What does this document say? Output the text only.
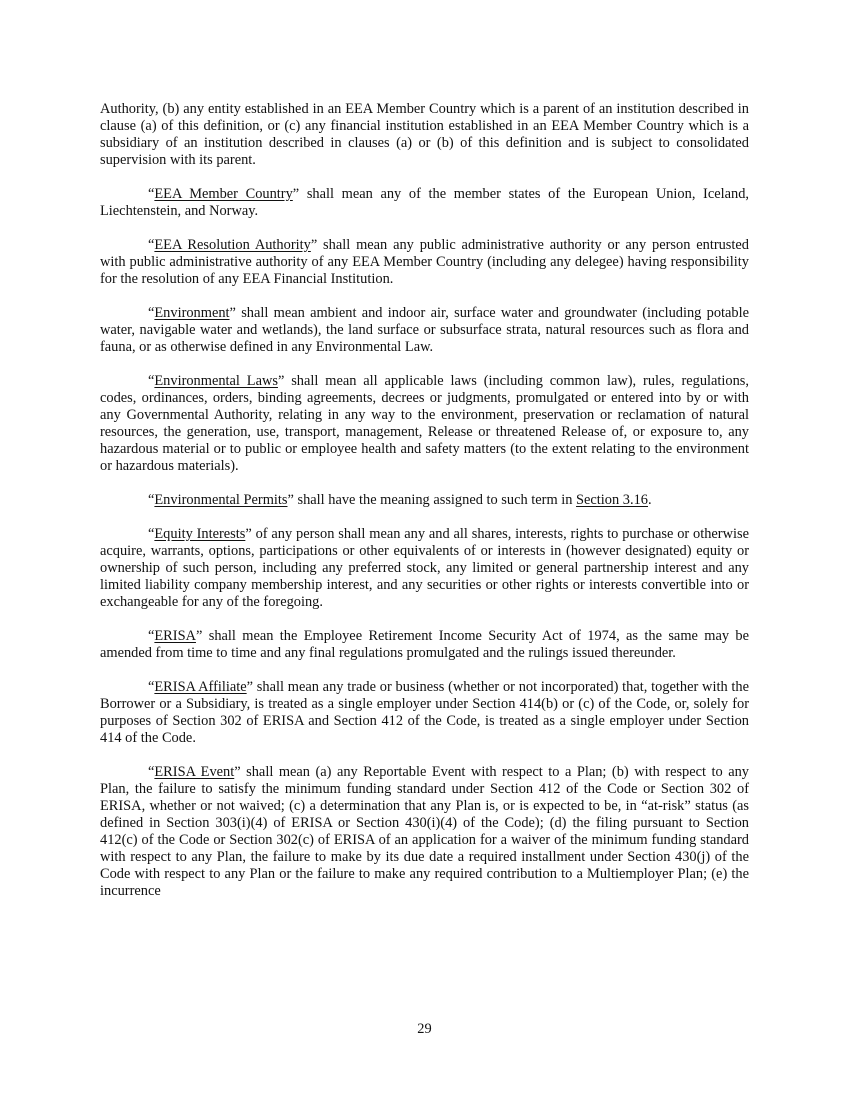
Authority, (b) any entity established in an EEA Member Country which is a parent of an institution described in clause (a) of this definition, or (c) any financial institution established in an EEA Member Country which is a subsidiary of an institution described in clauses (a) or (b) of this definition and is subject to consolidated supervision with its parent.

“EEA Member Country” shall mean any of the member states of the European Union, Iceland, Liechtenstein, and Norway.

“EEA Resolution Authority” shall mean any public administrative authority or any person entrusted with public administrative authority of any EEA Member Country (including any delegee) having responsibility for the resolution of any EEA Financial Institution.

“Environment” shall mean ambient and indoor air, surface water and groundwater (including potable water, navigable water and wetlands), the land surface or subsurface strata, natural resources such as flora and fauna, or as otherwise defined in any Environmental Law.

“Environmental Laws” shall mean all applicable laws (including common law), rules, regulations, codes, ordinances, orders, binding agreements, decrees or judgments, promulgated or entered into by or with any Governmental Authority, relating in any way to the environment, preservation or reclamation of natural resources, the generation, use, transport, management, Release or threatened Release of, or exposure to, any hazardous material or to public or employee health and safety matters (to the extent relating to the environment or hazardous materials).

“Environmental Permits” shall have the meaning assigned to such term in Section 3.16.

“Equity Interests” of any person shall mean any and all shares, interests, rights to purchase or otherwise acquire, warrants, options, participations or other equivalents of or interests in (however designated) equity or ownership of such person, including any preferred stock, any limited or general partnership interest and any limited liability company membership interest, and any securities or other rights or interests convertible into or exchangeable for any of the foregoing.

“ERISA” shall mean the Employee Retirement Income Security Act of 1974, as the same may be amended from time to time and any final regulations promulgated and the rulings issued thereunder.

“ERISA Affiliate” shall mean any trade or business (whether or not incorporated) that, together with the Borrower or a Subsidiary, is treated as a single employer under Section 414(b) or (c) of the Code, or, solely for purposes of Section 302 of ERISA and Section 412 of the Code, is treated as a single employer under Section 414 of the Code.

“ERISA Event” shall mean (a) any Reportable Event with respect to a Plan; (b) with respect to any Plan, the failure to satisfy the minimum funding standard under Section 412 of the Code or Section 302 of ERISA, whether or not waived; (c) a determination that any Plan is, or is expected to be, in “at-risk” status (as defined in Section 303(i)(4) of ERISA or Section 430(i)(4) of the Code); (d) the filing pursuant to Section 412(c) of the Code or Section 302(c) of ERISA of an application for a waiver of the minimum funding standard with respect to any Plan, the failure to make by its due date a required installment under Section 430(j) of the Code with respect to any Plan or the failure to make any required contribution to a Multiemployer Plan; (e) the incurrence

29
